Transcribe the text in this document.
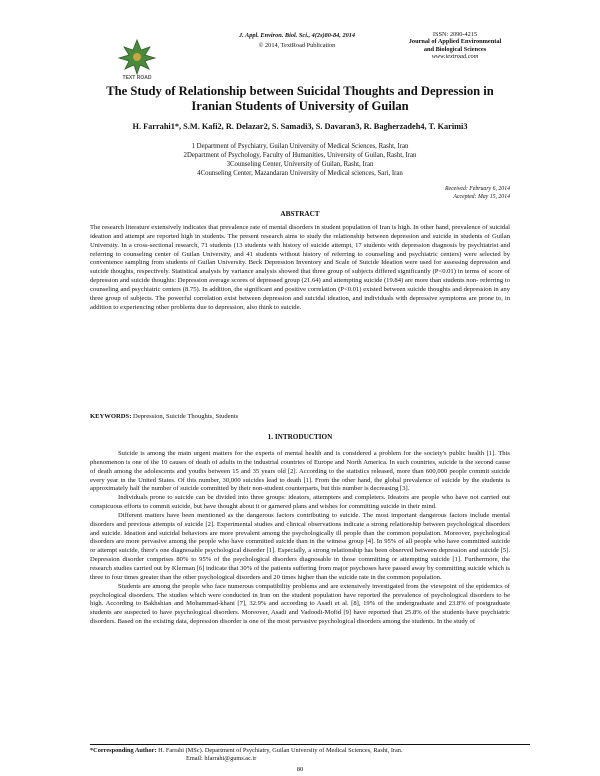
TEXT ROAD
J. Appl. Environ. Biol. Sci., 4(2s)80-84, 2014
© 2014, TextRoad Publication
ISSN: 2090-4215
Journal of Applied Environmental
and Biological Sciences
www.textroad.com
The Study of Relationship between Suicidal Thoughts and Depression in
Iranian Students of University of Guilan
H. Farrahi1*, S.M. Kafi2, R. Delazar2, S. Samadi3, S. Davaran3, R. Bagherzadeh4, T. Karimi3
1 Department of Psychiatry, Guilan University of Medical Sciences, Rasht, Iran
2Department of Psychology, Faculty of Humanities, University of Guilan, Rasht, Iran
3Counseling Center, University of Guilan, Rasht, Iran
4Counseling Center, Mazandaran University of Medical sciences, Sari, Iran
Received: February 6, 2014
Accepted: May 15, 2014
ABSTRACT

The research literature extensively indicates that prevalence rate of mental disorders in student population of Iran is high. In other hand, prevalence of suicidal ideation and attempt are reported high in students. The present research aims to study the relationship between depression and suicide in students of Guilan University. In a cross-sectional research, 71 students (13 students with history of suicide attempt, 17 students with depression diagnosis by psychiatrist and referring to counseling center of Guilan University, and 41 students without history of referring to counseling and psychiatric centers) were selected by convenience sampling from students of Guilan University. Beck Depression Inventory and Scale of Suicide Ideation were used for assessing depression and suicide thoughts, respectively. Statistical analysis by variance analysis showed that three group of subjects differed significantly (P<0.01) in terms of score of depression and suicide thoughts: Depression average scores of depressed group (21.64) and attempting suicide (19.84) are more than students non- referring to counseling and psychiatric centers (8.75). In addition, the significant and positive correlation (P<0.01) existed between suicide thoughts and depression in any three group of subjects. The powerful correlation exist between depression and suicidal ideation, and individuals with depressive symptoms are prone to, in addition to experiencing other problems due to depression, also think to suicide.

KEYWORDS: Depression, Suicide Thoughts, Students
1. INTRODUCTION

Suicide is among the main urgent matters for the experts of mental health and is considered a problem for the society's public health [1]. This phenomenon is one of the 10 causes of death of adults in the industrial countries of Europe and North America. In such countries, suicide is the second cause of death among the adolescents and youths between 15 and 35 years old [2]. According to the statistics released, more than 600,000 people commit suicide every year in the United States. Of this number, 30,000 suicides lead to death [1]. From the other hand, the global prevalence of suicide by the students is approximately half the number of suicide committed by their non-student counterparts, but this number is decreasing [3].

Individuals prone to suicide can be divided into three groups: ideators, attempters and completers. Ideators are people who have not carried out conspicuous efforts to commit suicide, but have thought about it or garnered plans and wishes for committing suicide in their mind.

Different matters have been mentioned as the dangerous factors contributing to suicide. The most important dangerous factors include mental disorders and previous attempts of suicide [2]. Experimental studies and clinical observations indicate a strong relationship between psychological disorders and suicide. Ideation and suicidal behaviors are more prevalent among the psychologically ill people than the common population. Moreover, psychological disorders are more pervasive among the people who have committed suicide than in the witness group [4]. In 95% of all people who have committed suicide or attempt suicide, there's one diagnosable psychological disorder [1]. Especially, a strong relationship has been observed between depression and suicide [5]. Depression disorder comprises 80% to 95% of the psychological disorders diagnosable in those committing or attempting suicide [1]. Furthermore, the research studies carried out by Klerman [6] indicate that 30% of the patients suffering from major psychoses have passed away by committing suicide which is three to four times greater than the other psychological disorders and 20 times higher than the suicide rate in the common population.

Students are among the people who face numerous compatibility problems and are extensively investigated from the viewpoint of the epidemics of psychological disorders. The studies which were conducted in Iran on the student population have reported the prevalence of psychological disorders to be high. According to Bakhshian and Mohammad-khani [7], 32.9% and according to Asadi et al. [8], 19% of the undergraduate and 23.8% of postgraduate students are suspected to have psychological disorders. Moreover, Asadi and Vadoodi-Mofid [9] have reported that 25.8% of the students have psychiatric disorders. Based on the existing data, depression disorder is one of the most pervasive psychological disorders among the students. In the study of

*Corresponding Author: H. Farrahi (MSc). Department of Psychiatry, Guilan University of Medical Sciences, Rasht, Iran.
Email: hfarrahi@gums.ac.ir
80
